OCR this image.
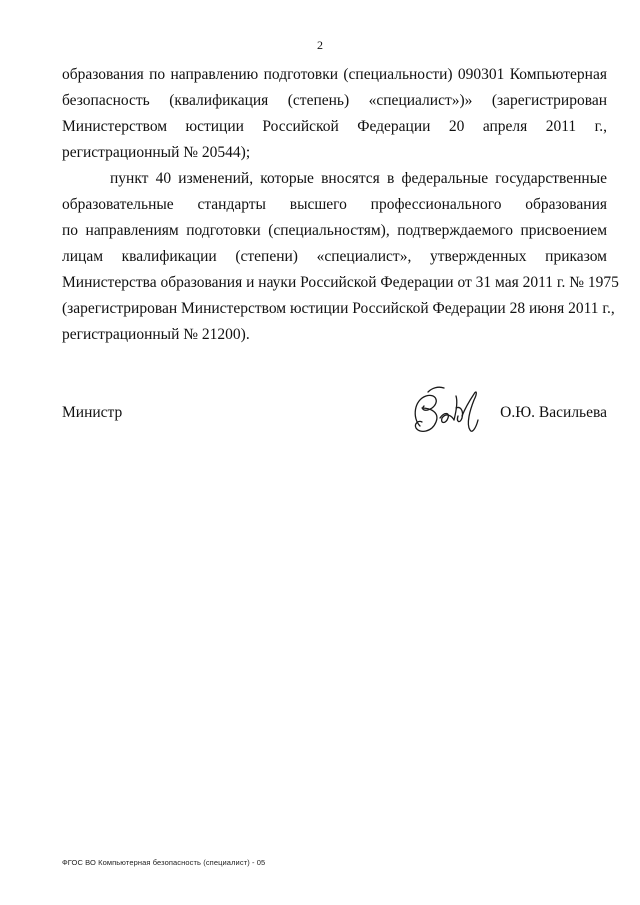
2
образования по направлению подготовки (специальности) 090301 Компьютерная
безопасность (квалификация (степень) «специалист»)» (зарегистрирован
Министерством юстиции Российской Федерации 20 апреля 2011 г.,
регистрационный № 20544);
пункт 40 изменений, которые вносятся в федеральные государственные
образовательные стандарты высшего профессионального образования
по направлениям подготовки (специальностям), подтверждаемого присвоением
лицам квалификации (степени) «специалист», утвержденных приказом
Министерства образования и науки Российской Федерации от 31 мая 2011 г. № 1975
(зарегистрирован Министерством юстиции Российской Федерации 28 июня 2011 г.,
регистрационный № 21200).
Министр	О.Ю. Васильева
ФГОС ВО Компьютерная безопасность (специалист) - 05
